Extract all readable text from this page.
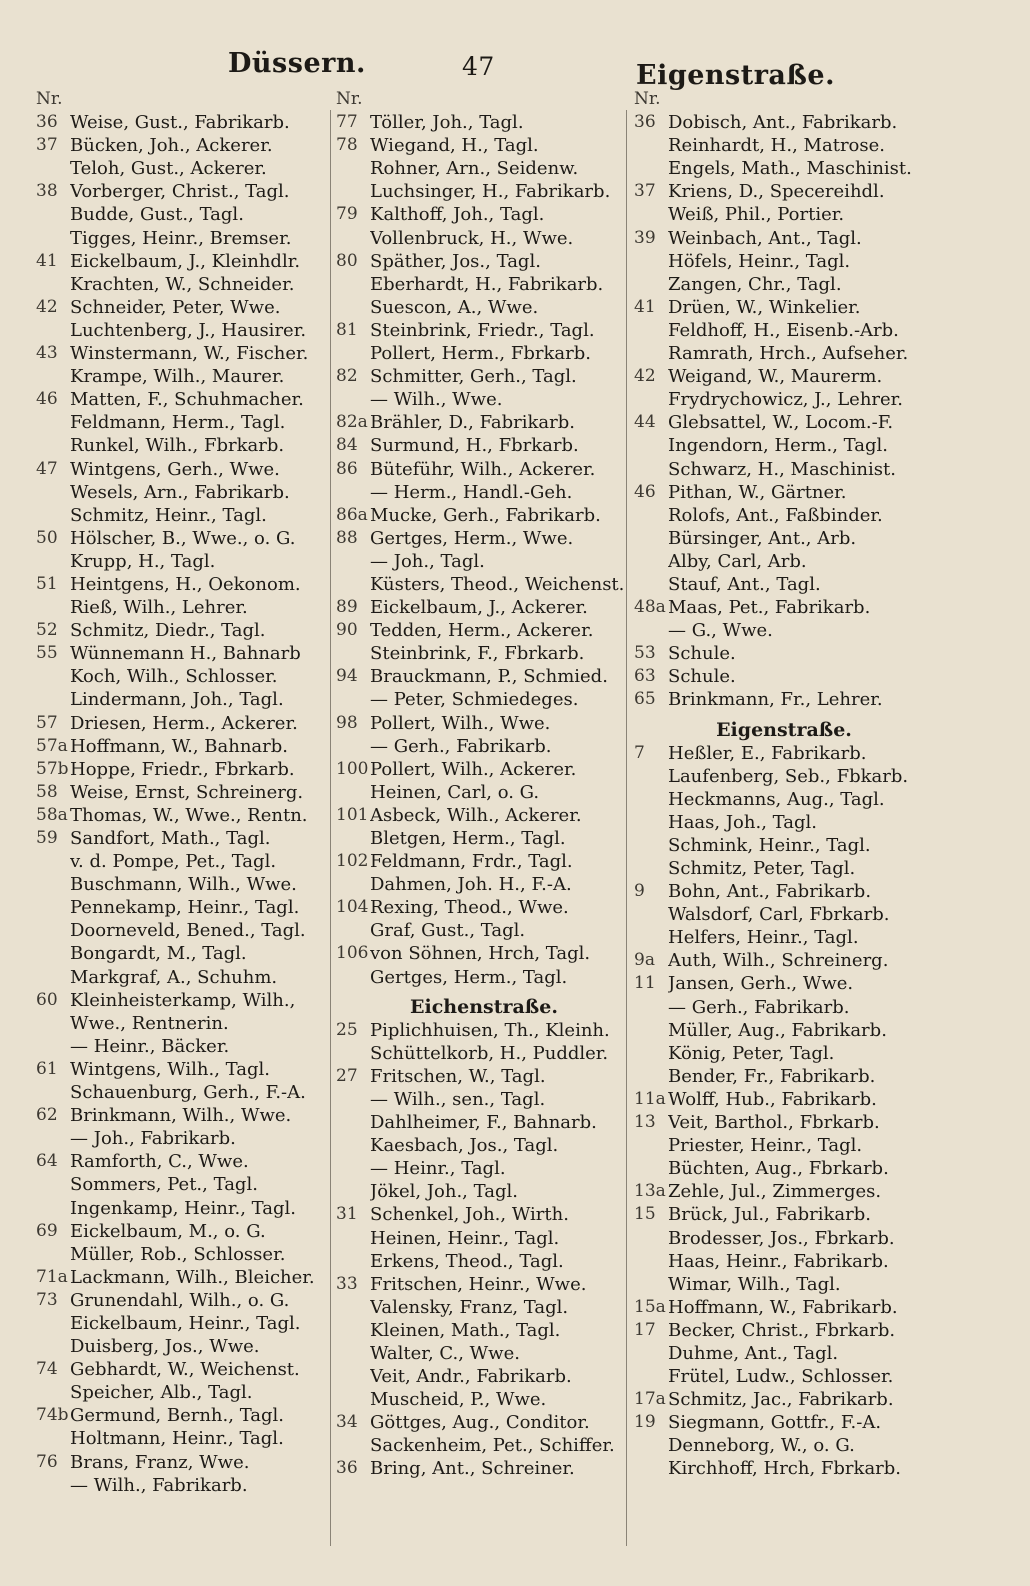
Düssern.	47	Eigenstraße.
Nr.
36 Weise, Gust., Fabrikarb.
37 Bücken, Joh., Ackerer.
Teloh, Gust., Ackerer.
38 Vorberger, Christ., Tagl.
Budde, Gust., Tagl.
Tigges, Heinr., Bremser.
41 Eickelbaum, J., Kleinhdlr.
Krachten, W., Schneider.
42 Schneider, Peter, Wwe.
Luchtenberg, J., Hausirer.
43 Winstermann, W., Fischer.
Krampe, Wilh., Maurer.
46 Matten, F., Schuhmacher.
Feldmann, Herm., Tagl.
Runkel, Wilh., Fbrkarb.
47 Wintgens, Gerh., Wwe.
Wesels, Arn., Fabrikarb.
Schmitz, Heinr., Tagl.
50 Hölscher, B., Wwe., o. G.
Krupp, H., Tagl.
51 Heintgens, H., Oekonom.
Rieß, Wilh., Lehrer.
52 Schmitz, Diedr., Tagl.
55 Wünnemann H., Bahnarb
Koch, Wilh., Schlosser.
Lindermann, Joh., Tagl.
57 Driesen, Herm., Ackerer.
57a Hoffmann, W., Bahnarb.
57b Hoppe, Friedr., Fbrkarb.
58 Weise, Ernst, Schreinerg.
58a Thomas, W., Wwe., Rentn.
59 Sandfort, Math., Tagl.
v. d. Pompe, Pet., Tagl.
Buschmann, Wilh., Wwe.
Pennekamp, Heinr., Tagl.
Doorneveld, Bened., Tagl.
Bongardt, M., Tagl.
Markgraf, A., Schuhm.
60 Kleinheisterkamp, Wilh.,
Wwe., Rentnerin.
— Heinr., Bäcker.
61 Wintgens, Wilh., Tagl.
Schauenburg, Gerh., F.-A.
62 Brinkmann, Wilh., Wwe.
— Joh., Fabrikarb.
64 Ramforth, C., Wwe.
Sommers, Pet., Tagl.
Ingenkamp, Heinr., Tagl.
69 Eickelbaum, M., o. G.
Müller, Rob., Schlosser.
71a Lackmann, Wilh., Bleicher.
73 Grunendahl, Wilh., o. G.
Eickelbaum, Heinr., Tagl.
Duisberg, Jos., Wwe.
74 Gebhardt, W., Weichenst.
Speicher, Alb., Tagl.
74b Germund, Bernh., Tagl.
Holtmann, Heinr., Tagl.
76 Brans, Franz, Wwe.
— Wilh., Fabrikarb.
Nr.
77 Töller, Joh., Tagl.
78 Wiegand, H., Tagl.
Rohner, Arn., Seidenw.
Luchsinger, H., Fabrikarb.
79 Kalthoff, Joh., Tagl.
Vollenbruck, H., Wwe.
80 Späther, Jos., Tagl.
Eberhardt, H., Fabrikarb.
Suescon, A., Wwe.
81 Steinbrink, Friedr., Tagl.
Pollert, Herm., Fbrkarb.
82 Schmitter, Gerh., Tagl.
— Wilh., Wwe.
82a Brähler, D., Fabrikarb.
84 Surmund, H., Fbrkarb.
86 Büteführ, Wilh., Ackerer.
— Herm., Handl.-Geh.
86a Mucke, Gerh., Fabrikarb.
88 Gertges, Herm., Wwe.
— Joh., Tagl.
Küsters, Theod., Weichenst.
89 Eickelbaum, J., Ackerer.
90 Tedden, Herm., Ackerer.
Steinbrink, F., Fbrkarb.
94 Brauckmann, P., Schmied.
— Peter, Schmiedeges.
98 Pollert, Wilh., Wwe.
— Gerh., Fabrikarb.
100 Pollert, Wilh., Ackerer.
Heinen, Carl, o. G.
101 Asbeck, Wilh., Ackerer.
Bletgen, Herm., Tagl.
102 Feldmann, Frdr., Tagl.
Dahmen, Joh. H., F.-A.
104 Rexing, Theod., Wwe.
Graf, Gust., Tagl.
106 von Söhnen, Hrch, Tagl.
Gertges, Herm., Tagl.
Eichenstraße.
25 Piplichhuisen, Th., Kleinh.
Schüttelkorb, H., Puddler.
27 Fritschen, W., Tagl.
— Wilh., sen., Tagl.
Dahlheimer, F., Bahnarb.
Kaesbach, Jos., Tagl.
— Heinr., Tagl.
Jökel, Joh., Tagl.
31 Schenkel, Joh., Wirth.
Heinen, Heinr., Tagl.
Erkens, Theod., Tagl.
33 Fritschen, Heinr., Wwe.
Valensky, Franz, Tagl.
Kleinen, Math., Tagl.
Walter, C., Wwe.
Veit, Andr., Fabrikarb.
Muscheid, P., Wwe.
34 Göttges, Aug., Conditor.
Sackenheim, Pet., Schiffer.
36 Bring, Ant., Schreiner.
Nr.
36 Dobisch, Ant., Fabrikarb.
Reinhardt, H., Matrose.
Engels, Math., Maschinist.
37 Kriens, D., Specereihdl.
Weiß, Phil., Portier.
39 Weinbach, Ant., Tagl.
Höfels, Heinr., Tagl.
Zangen, Chr., Tagl.
41 Drüen, W., Winkelier.
Feldhoff, H., Eisenb.-Arb.
Ramrath, Hrch., Aufseher.
42 Weigand, W., Maurerm.
Frydrychowicz, J., Lehrer.
44 Glebsattel, W., Locom.-F.
Ingendorn, Herm., Tagl.
Schwarz, H., Maschinist.
46 Pithan, W., Gärtner.
Rolofs, Ant., Faßbinder.
Bürsinger, Ant., Arb.
Alby, Carl, Arb.
Stauf, Ant., Tagl.
48a Maas, Pet., Fabrikarb.
— G., Wwe.
53 Schule.
63 Schule.
65 Brinkmann, Fr., Lehrer.
Eigenstraße.
7	Heßler, E., Fabrikarb.
Laufenberg, Seb., Fbkarb.
Heckmanns, Aug., Tagl.
Haas, Joh., Tagl.
Schmink, Heinr., Tagl.
Schmitz, Peter, Tagl.
9	Bohn, Ant., Fabrikarb.
Walsdorf, Carl, Fbrkarb.
Helfers, Heinr., Tagl.
9a Auth, Wilh., Schreinerg.
11 Jansen, Gerh., Wwe.
— Gerh., Fabrikarb.
Müller, Aug., Fabrikarb.
König, Peter, Tagl.
Bender, Fr., Fabrikarb.
11a Wolff, Hub., Fabrikarb.
13 Veit, Barthol., Fbrkarb.
Priester, Heinr., Tagl.
Büchten, Aug., Fbrkarb.
13a Zehle, Jul., Zimmerges.
15 Brück, Jul., Fabrikarb.
Brodesser, Jos., Fbrkarb.
Haas, Heinr., Fabrikarb.
Wimar, Wilh., Tagl.
15a Hoffmann, W., Fabrikarb.
17 Becker, Christ., Fbrkarb.
Duhme, Ant., Tagl.
Frütel, Ludw., Schlosser.
17a Schmitz, Jac., Fabrikarb.
19 Siegmann, Gottfr., F.-A.
Denneborg, W., o. G.
Kirchhoff, Hrch, Fbrkarb.
